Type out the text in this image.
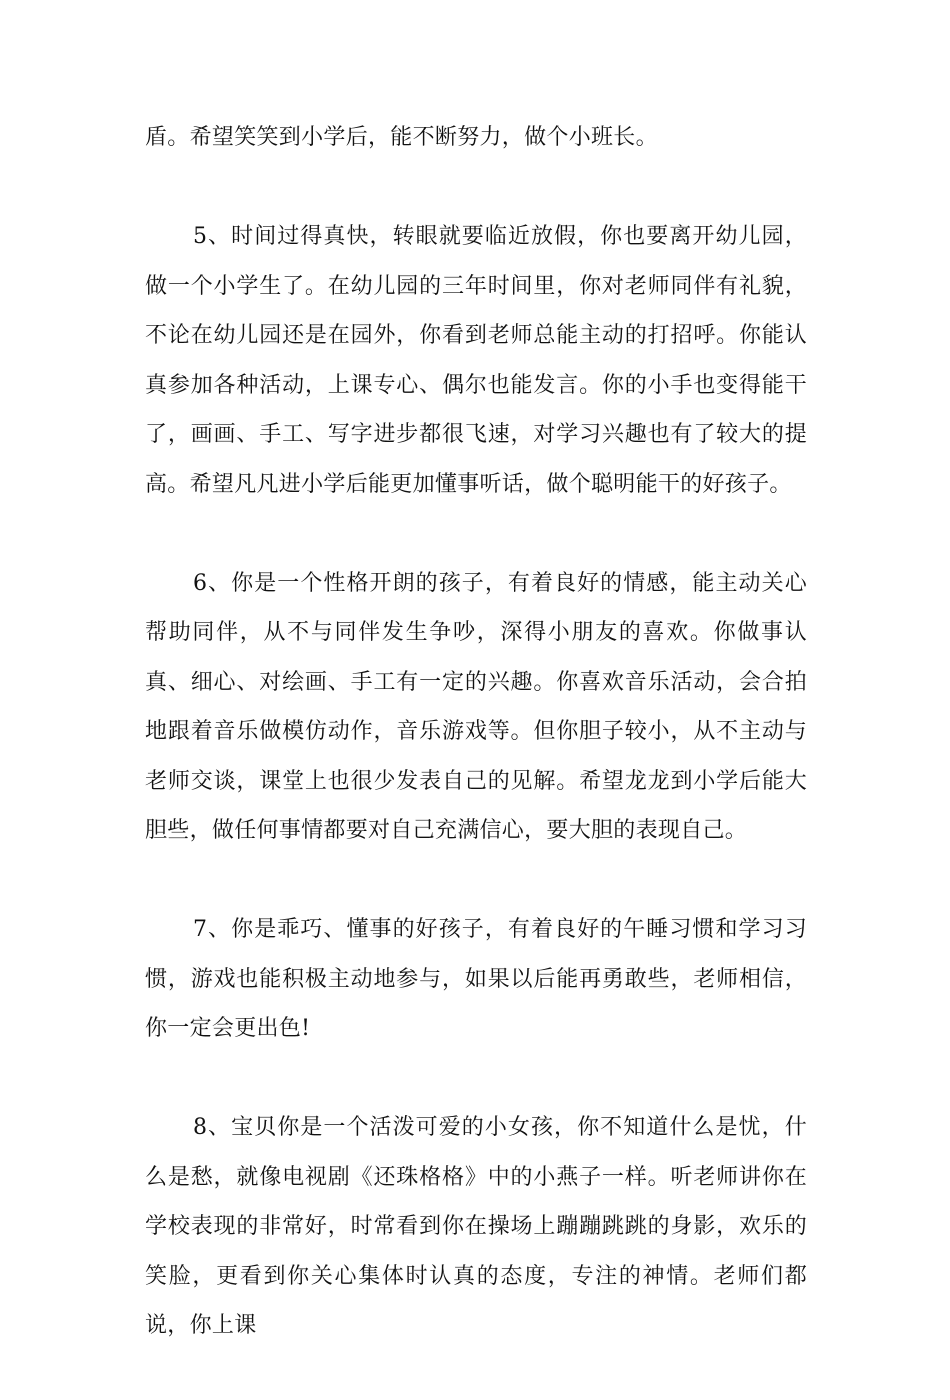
盾。希望笑笑到小学后，能不断努力，做个小班长。

5、时间过得真快，转眼就要临近放假，你也要离开幼儿园，做一个小学生了。在幼儿园的三年时间里，你对老师同伴有礼貌，不论在幼儿园还是在园外，你看到老师总能主动的打招呼。你能认真参加各种活动，上课专心、偶尔也能发言。你的小手也变得能干了，画画、手工、写字进步都很飞速，对学习兴趣也有了较大的提高。希望凡凡进小学后能更加懂事听话，做个聪明能干的好孩子。

6、你是一个性格开朗的孩子，有着良好的情感，能主动关心帮助同伴，从不与同伴发生争吵，深得小朋友的喜欢。你做事认真、细心、对绘画、手工有一定的兴趣。你喜欢音乐活动，会合拍地跟着音乐做模仿动作，音乐游戏等。但你胆子较小，从不主动与老师交谈，课堂上也很少发表自己的见解。希望龙龙到小学后能大胆些，做任何事情都要对自己充满信心，要大胆的表现自己。

7、你是乖巧、懂事的好孩子，有着良好的午睡习惯和学习习惯，游戏也能积极主动地参与，如果以后能再勇敢些，老师相信，你一定会更出色!

8、宝贝你是一个活泼可爱的小女孩，你不知道什么是忧，什么是愁，就像电视剧《还珠格格》中的小燕子一样。听老师讲你在学校表现的非常好，时常看到你在操场上蹦蹦跳跳的身影，欢乐的笑脸，更看到你关心集体时认真的态度，专注的神情。老师们都说，你上课
